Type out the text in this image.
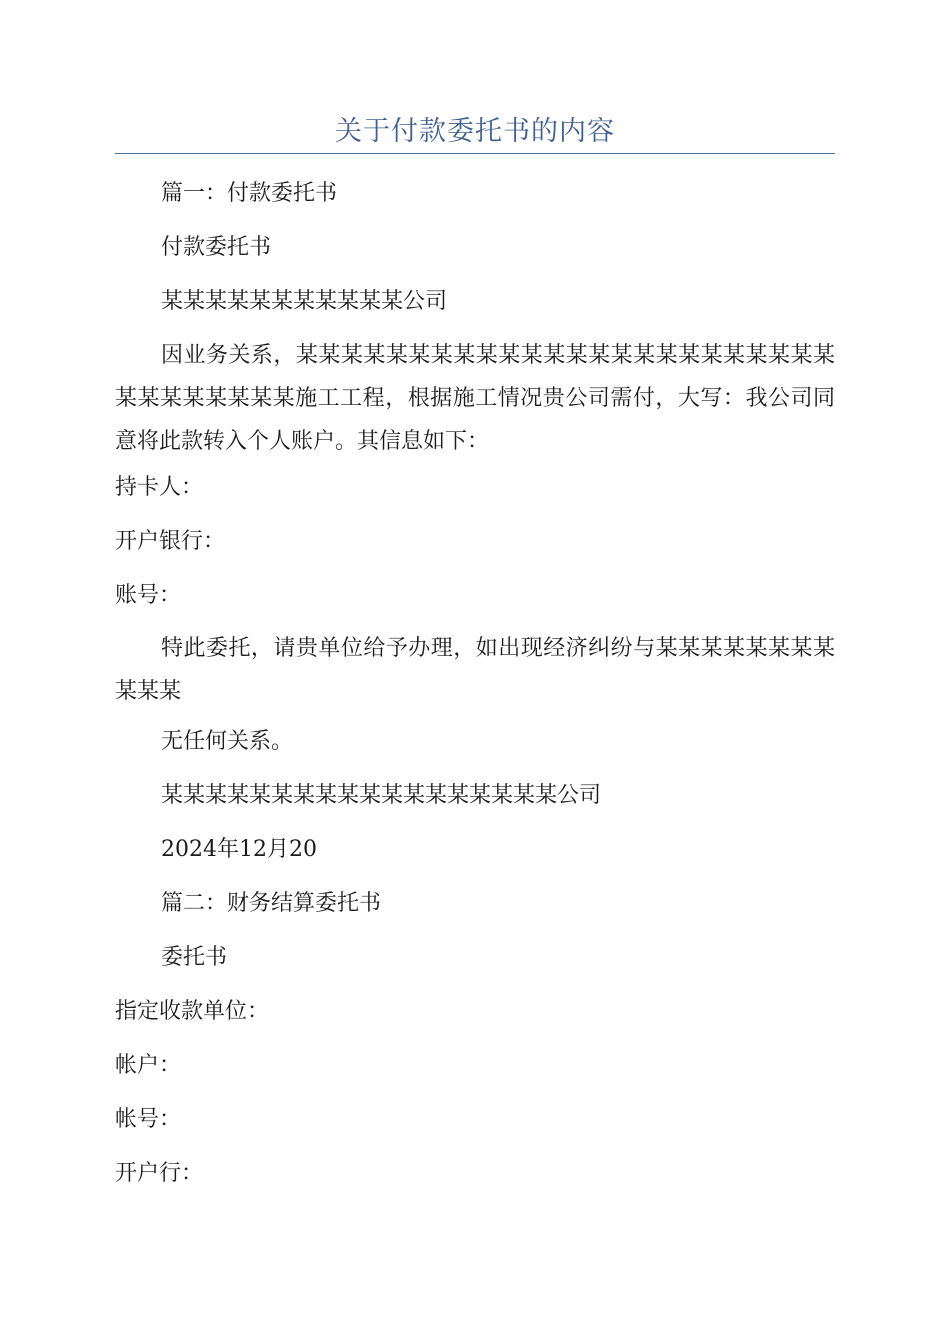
关于付款委托书的内容
篇一：付款委托书
付款委托书
某某某某某某某某某某某公司
因业务关系，某某某某某某某某某某某某某某某某某某某某某某某某某某某某某某某某施工工程，根据施工情况贵公司需付，大写：我公司同意将此款转入个人账户。其信息如下：
持卡人：
开户银行：
账号：
特此委托，请贵单位给予办理，如出现经济纠纷与某某某某某某某某某某某
无任何关系。
某某某某某某某某某某某某某某某某某某公司
2024年12月20
篇二：财务结算委托书
委托书
指定收款单位：
帐户：
帐号：
开户行：
